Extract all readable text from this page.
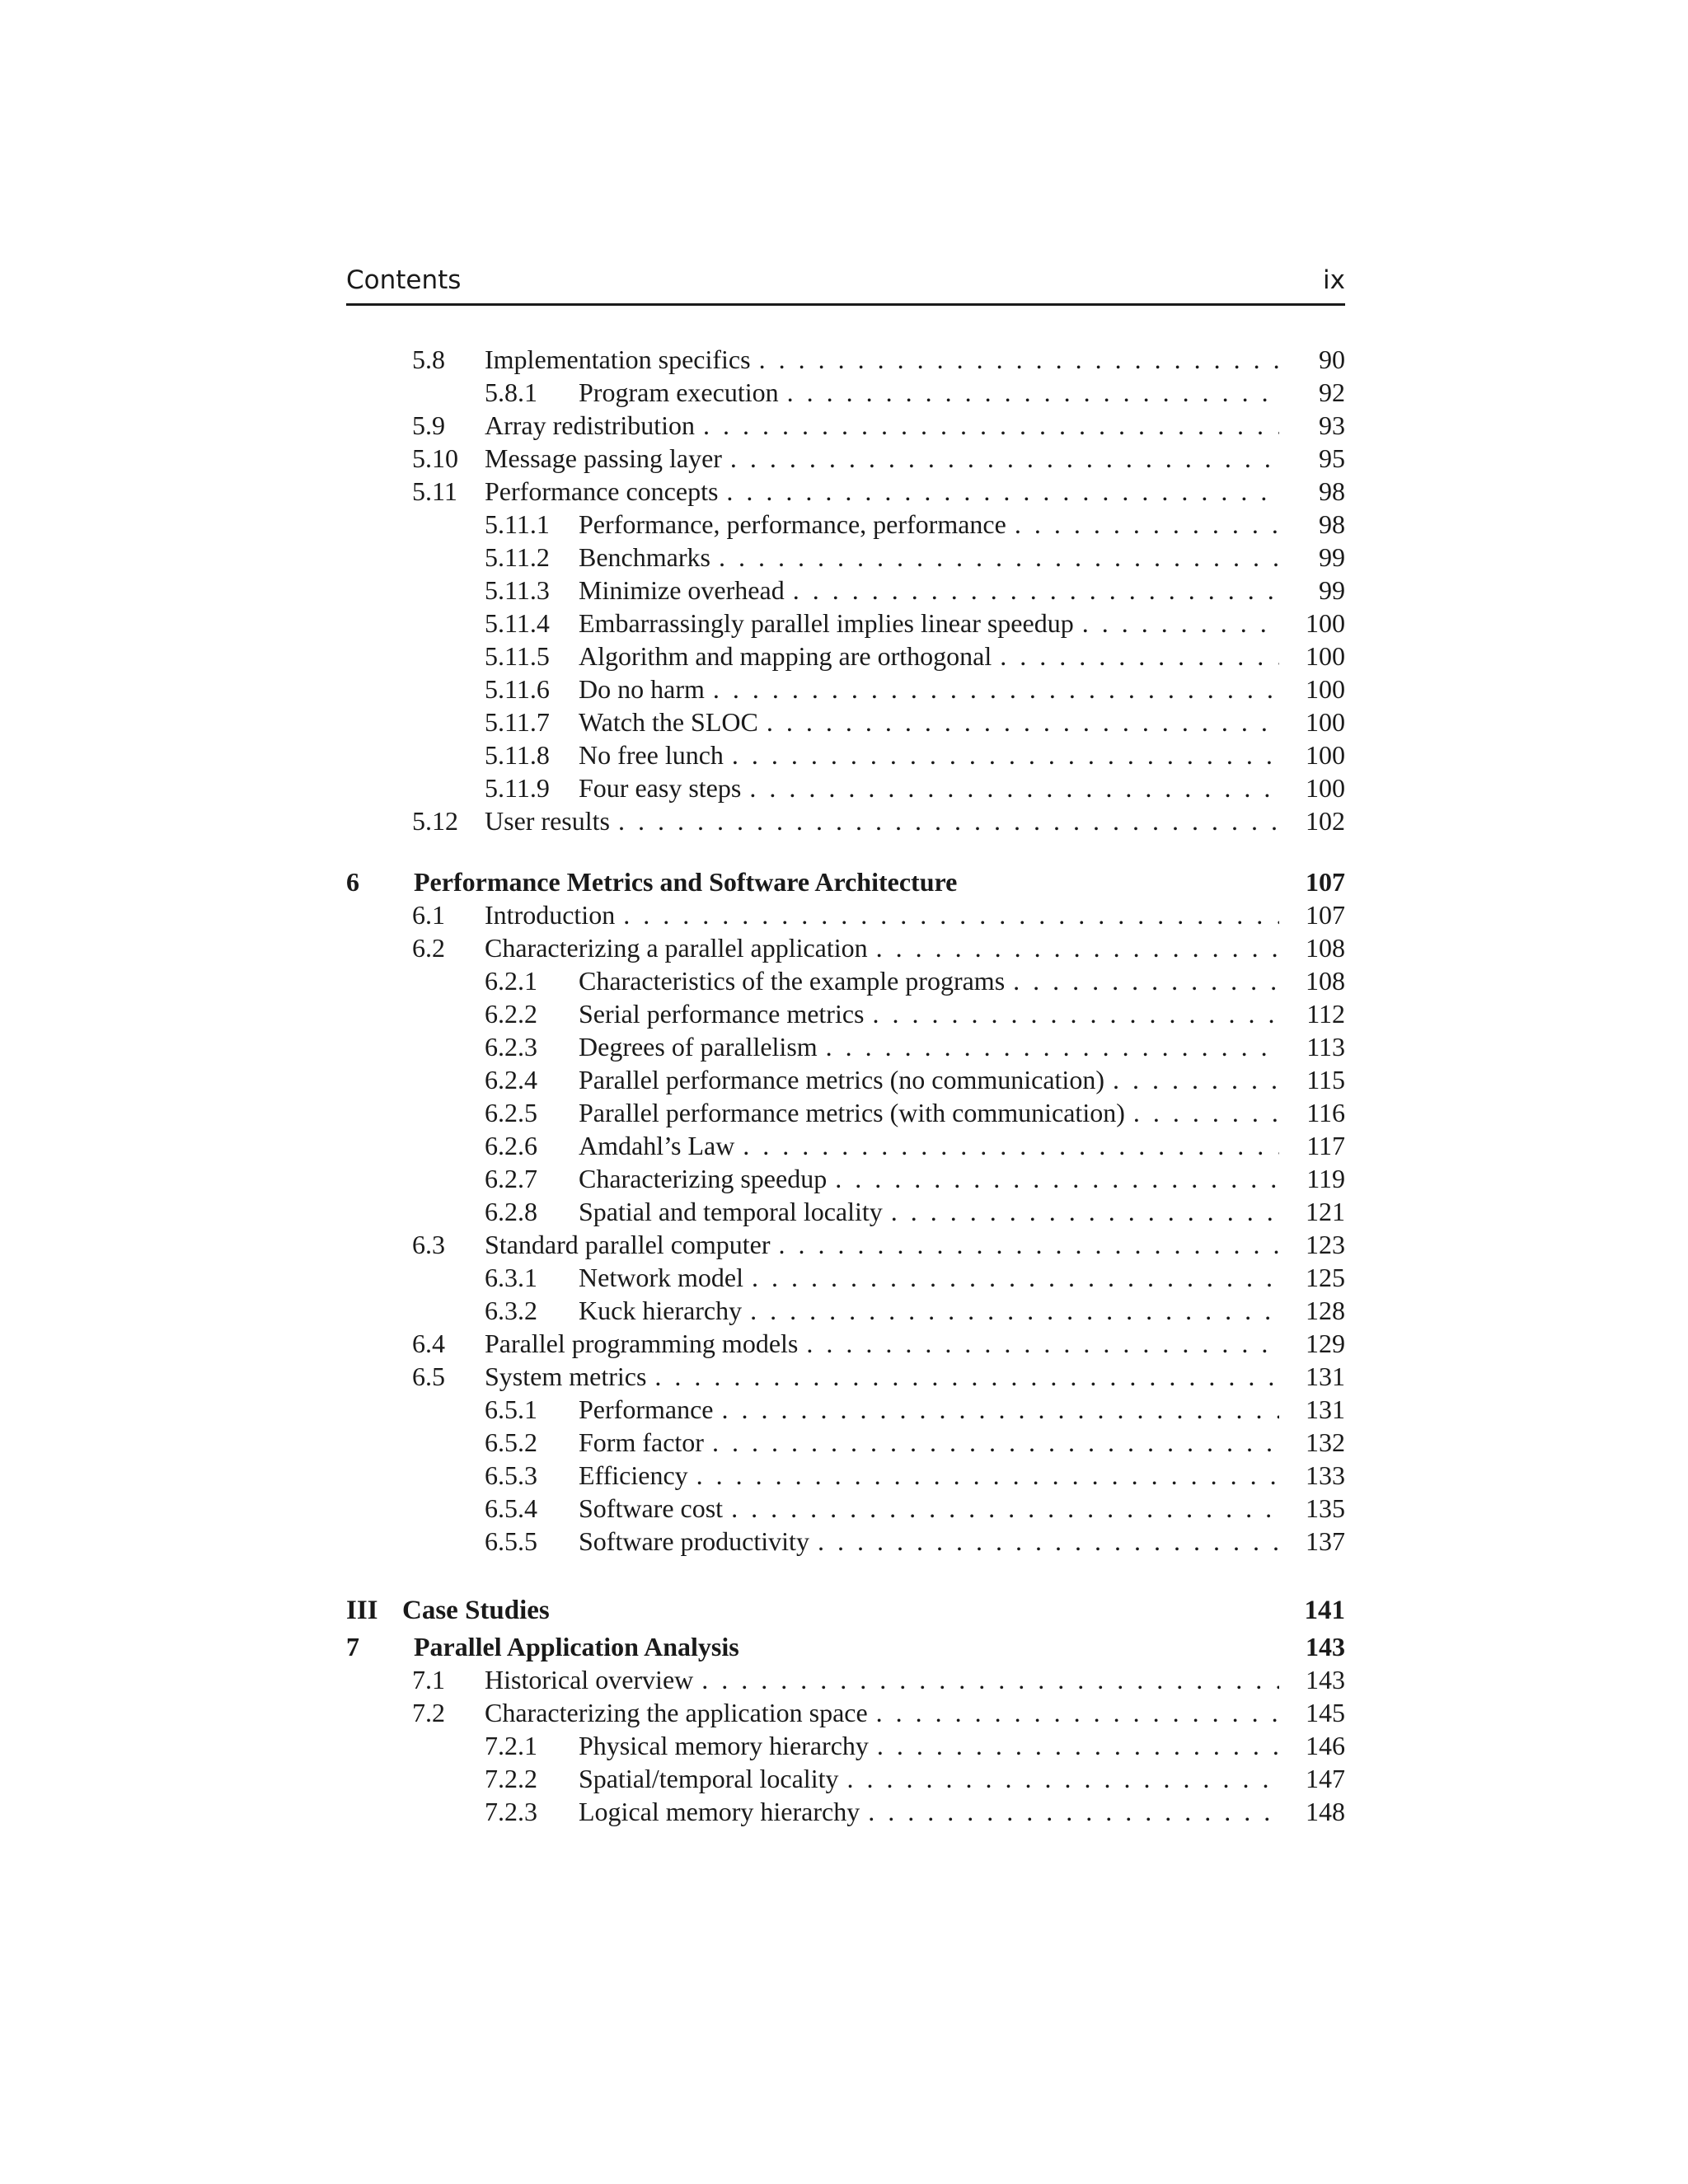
Contents	ix
5.8 Implementation specifics . . .	90
5.8.1 Program execution . . .	92
5.9 Array redistribution . . .	93
5.10 Message passing layer . . .	95
5.11 Performance concepts . . .	98
5.11.1 Performance, performance, performance . . .	98
5.11.2 Benchmarks . . .	99
5.11.3 Minimize overhead . . .	99
5.11.4 Embarrassingly parallel implies linear speedup . . .	100
5.11.5 Algorithm and mapping are orthogonal . . .	100
5.11.6 Do no harm . . .	100
5.11.7 Watch the SLOC . . .	100
5.11.8 No free lunch . . .	100
5.11.9 Four easy steps . . .	100
5.12 User results . . .	102
6 Performance Metrics and Software Architecture	107
6.1 Introduction . . .	107
6.2 Characterizing a parallel application . . .	108
6.2.1 Characteristics of the example programs . . .	108
6.2.2 Serial performance metrics . . .	112
6.2.3 Degrees of parallelism . . .	113
6.2.4 Parallel performance metrics (no communication) . . .	115
6.2.5 Parallel performance metrics (with communication) . . .	116
6.2.6 Amdahl’s Law . . .	117
6.2.7 Characterizing speedup . . .	119
6.2.8 Spatial and temporal locality . . .	121
6.3 Standard parallel computer . . .	123
6.3.1 Network model . . .	125
6.3.2 Kuck hierarchy . . .	128
6.4 Parallel programming models . . .	129
6.5 System metrics . . .	131
6.5.1 Performance . . .	131
6.5.2 Form factor . . .	132
6.5.3 Efficiency . . .	133
6.5.4 Software cost . . .	135
6.5.5 Software productivity . . .	137
III Case Studies	141
7 Parallel Application Analysis	143
7.1 Historical overview . . .	143
7.2 Characterizing the application space . . .	145
7.2.1 Physical memory hierarchy . . .	146
7.2.2 Spatial/temporal locality . . .	147
7.2.3 Logical memory hierarchy . . .	148
